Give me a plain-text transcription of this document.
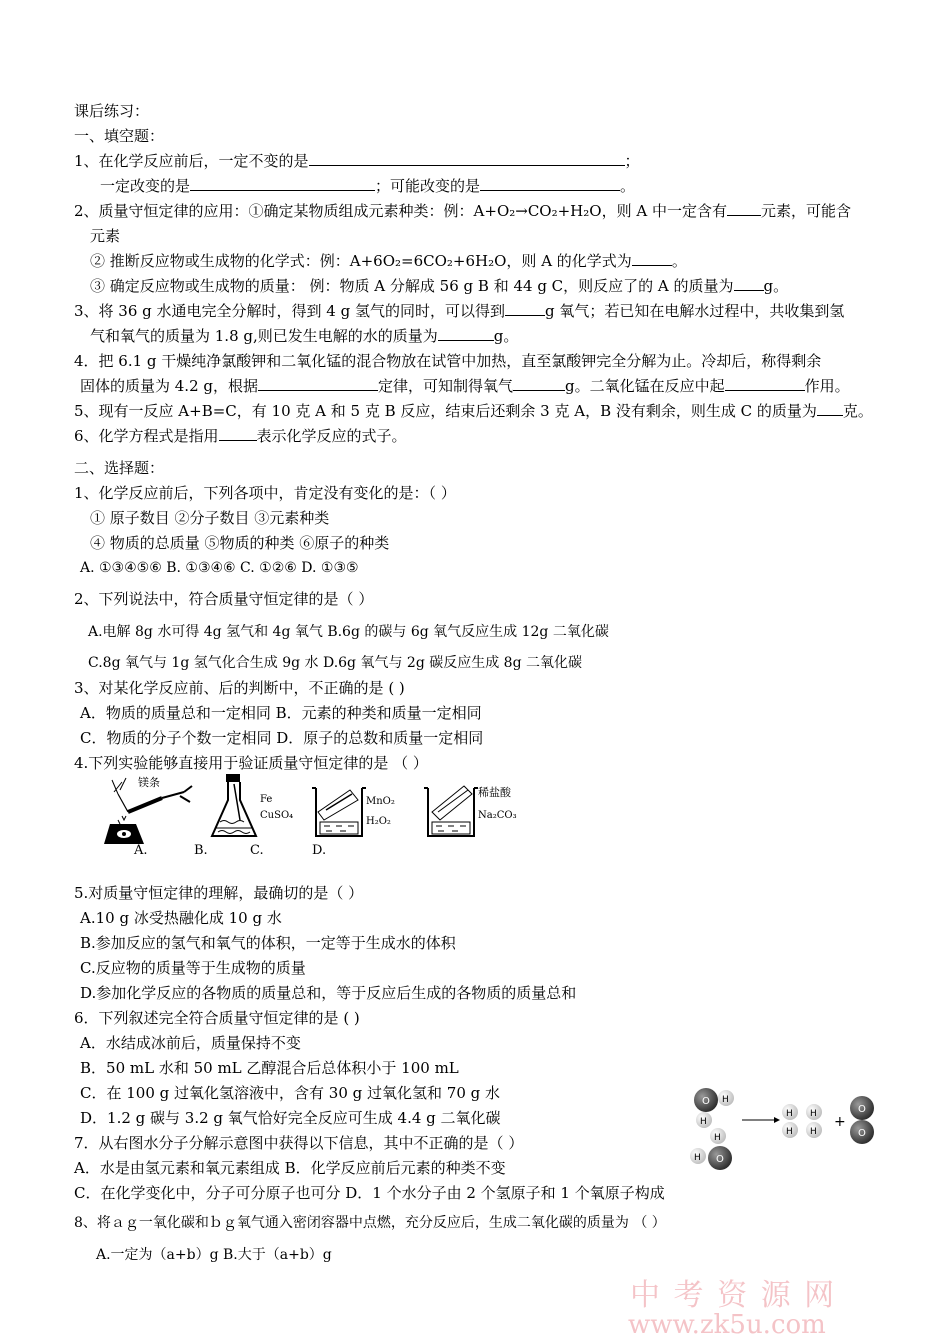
课后练习：
一、填空题：
1、在化学反应前后，一定不变的是	；
一定改变的是	；可能改变的是	。
2、质量守恒定律的应用：①确定某物质组成元素种类：例：A+O₂→CO₂+H₂O，则 A 中一定含有 元素，可能含
元素
② 推断反应物或生成物的化学式：例：A+6O₂=6CO₂+6H₂O，则 A 的化学式为	。
③ 确定反应物或生成物的质量： 例：物质 A 分解成 56 g B 和 44 g C，则反应了的 A 的质量为 g。
3、将 36 g 水通电完全分解时，得到 4 g 氢气的同时，可以得到	g 氧气；若已知在电解水过程中，共收集到氢
气和氧气的质量为 1.8 g,则已发生电解的水的质量为	g。
4．把 6.1 g 干燥纯净氯酸钾和二氧化锰的混合物放在试管中加热，直至氯酸钾完全分解为止。冷却后，称得剩余
固体的质量为 4.2 g，根据	定律，可知制得氧气	g。二氧化锰在反应中起	作用。
5、现有一反应 A+B=C，有 10 克 A 和 5 克 B 反应，结束后还剩余 3 克 A，B 没有剩余，则生成 C 的质量为 克。
6、化学方程式是指用	表示化学反应的式子。
二、选择题：
1、化学反应前后，下列各项中，肯定没有变化的是：（ ）
① 原子数目 ②分子数目 ③元素种类
④ 物质的总质量 ⑤物质的种类 ⑥原子的种类
A. ①③④⑤⑥ B. ①③④⑥ C. ①②⑥ D. ①③⑤
2、下列说法中，符合质量守恒定律的是（ ）
A.电解 8g 水可得 4g 氢气和 4g 氧气 B.6g 的碳与 6g 氧气反应生成 12g 二氧化碳
C.8g 氧气与 1g 氢气化合生成 9g 水 D.6g 氧气与 2g 碳反应生成 8g 二氧化碳
3、对某化学反应前、后的判断中，不正确的是 ( )
A．物质的质量总和一定相同 B．元素的种类和质量一定相同
C．物质的分子个数一定相同 D．原子的总数和质量一定相同
4.下列实验能够直接用于验证质量守恒定律的是 （ ）
镁条
A.
Fe
CuSO₄
B.	C.
MnO₂
H₂O₂
D.
稀盐酸
Na₂CO₃
5.对质量守恒定律的理解，最确切的是（ ）
A.10 g 冰受热融化成 10 g 水
B.参加反应的氢气和氧气的体积，一定等于生成水的体积
C.反应物的质量等于生成物的质量
D.参加化学反应的各物质的质量总和，等于反应后生成的各物质的质量总和
6．下列叙述完全符合质量守恒定律的是 ( )
A．水结成冰前后，质量保持不变
B．50 mL 水和 50 mL 乙醇混合后总体积小于 100 mL
C．在 100 g 过氧化氢溶液中，含有 30 g 过氧化氢和 70 g 水
D．1.2 g 碳与 3.2 g 氧气恰好完全反应可生成 4.4 g 二氧化碳
7．从右图水分子分解示意图中获得以下信息，其中不正确的是（ ）
A．水是由氢元素和氧元素组成 B．化学反应前后元素的种类不变
C．在化学变化中，分子可分原子也可分 D．1 个水分子由 2 个氢原子和 1 个氧原子构成
O H
H
H
H O
H
H
H
H
+
O
O
8、将ａｇ一氧化碳和ｂｇ氧气通入密闭容器中点燃，充分反应后，生成二氧化碳的质量为 （ ）
A.一定为（a+b）g B.大于（a+b）g
中 考 资 源 网
www.zk5u.com
